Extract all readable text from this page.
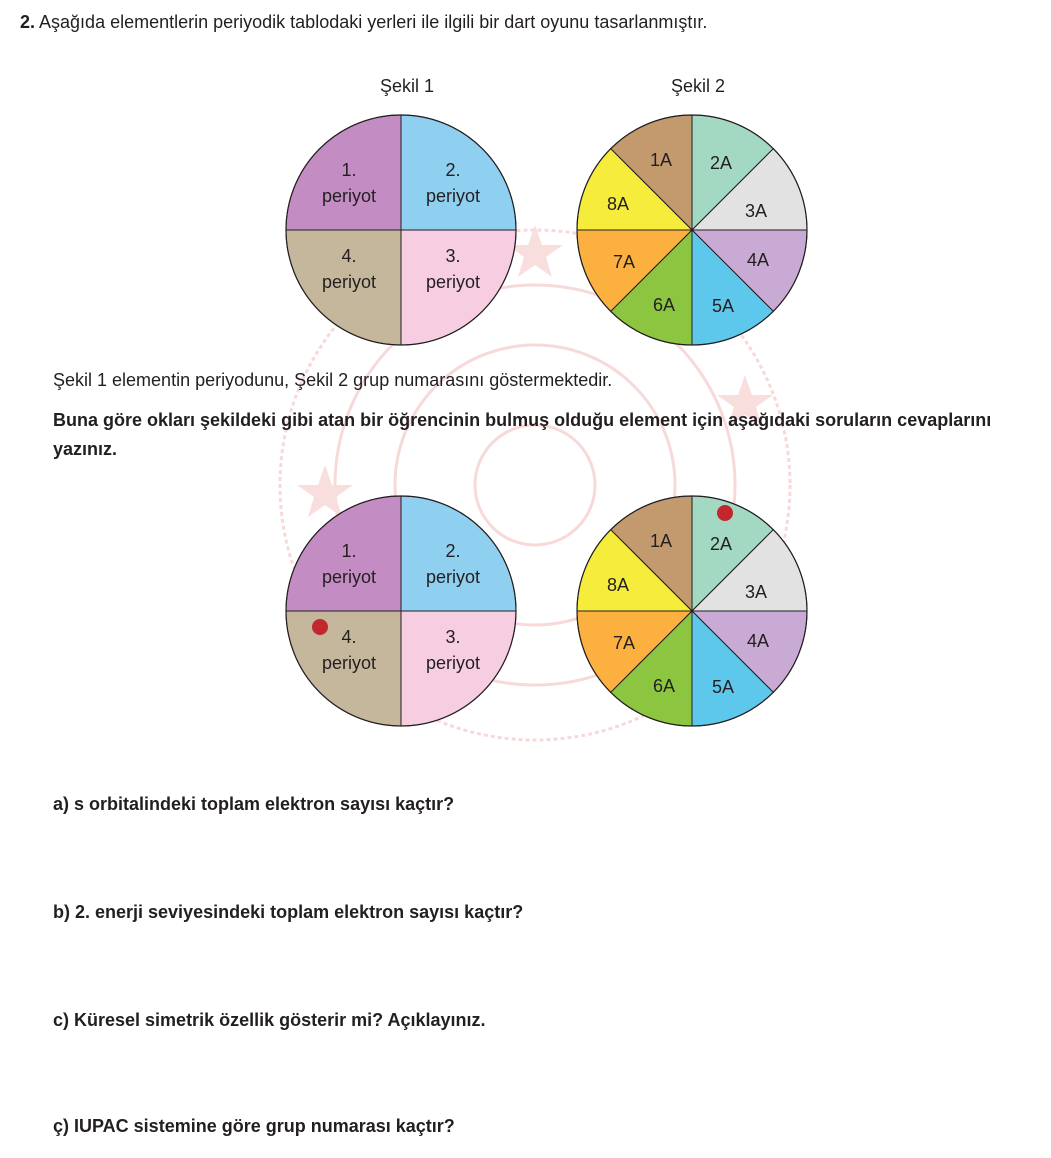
2. Aşağıda elementlerin periyodik tablodaki yerleri ile ilgili bir dart oyunu tasarlanmıştır.
Şekil 1	Şekil 2
2.
periyot
3.
periyot
4.
periyot
1.
periyot
1A 2A
3A
4A
5A
6A
7A
8A
Şekil 1 elementin periyodunu, Şekil 2 grup numarasını göstermektedir.
Buna göre okları şekildeki gibi atan bir öğrencinin bulmuş olduğu element için aşağıdaki soruların cevaplarını yazınız.
2.
periyot
3.
periyot
4.
periyot
1.
periyot
1A 2A
3A
4A
5A
6A
7A
8A
a) s orbitalindeki toplam elektron sayısı kaçtır?
b) 2. enerji seviyesindeki toplam elektron sayısı kaçtır?
c) Küresel simetrik özellik gösterir mi? Açıklayınız.
ç) IUPAC sistemine göre grup numarası kaçtır?
